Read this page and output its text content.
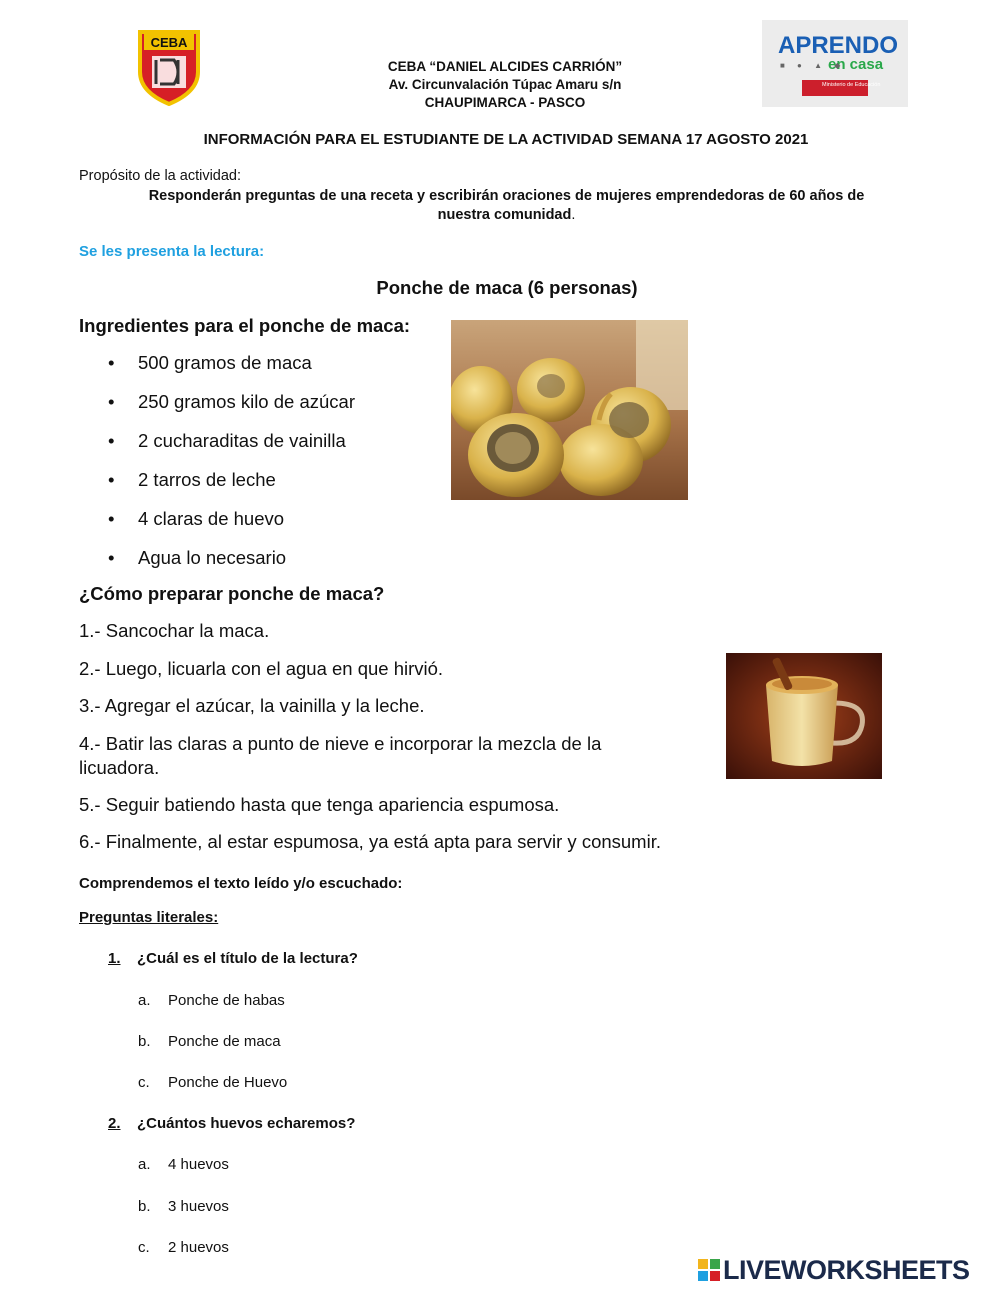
CEBA
CEBA “DANIEL ALCIDES CARRIÓN”
Av. Circunvalación Túpac Amaru s/n
CHAUPIMARCA - PASCO
APRENDO
en casa
■ ● ▲ ◆
Ministerio de Educación
INFORMACIÓN PARA EL ESTUDIANTE DE LA ACTIVIDAD SEMANA 17 AGOSTO 2021
Propósito de la actividad:
Responderán preguntas de una receta y escribirán oraciones de mujeres emprendedoras de 60 años de
nuestra comunidad.
Se les presenta la lectura:
Ponche de maca (6 personas)
Ingredientes para el ponche de maca:
• 500 gramos de maca
• 250 gramos kilo de azúcar
• 2 cucharaditas de vainilla
• 2 tarros de leche
• 4 claras de huevo
• Agua lo necesario
¿Cómo preparar ponche de maca?
1.- Sancochar la maca.
2.- Luego, licuarla con el agua en que hirvió.
3.- Agregar el azúcar, la vainilla y la leche.
4.- Batir las claras a punto de nieve e incorporar la mezcla de la
licuadora.
5.- Seguir batiendo hasta que tenga apariencia espumosa.
6.- Finalmente, al estar espumosa, ya está apta para servir y consumir.
Comprendemos el texto leído y/o escuchado:
Preguntas literales:
1. ¿Cuál es el título de la lectura?
a. Ponche de habas
b. Ponche de maca
c. Ponche de Huevo
2. ¿Cuántos huevos echaremos?
a. 4 huevos
b. 3 huevos
c. 2 huevos
LIVEWORKSHEETS
